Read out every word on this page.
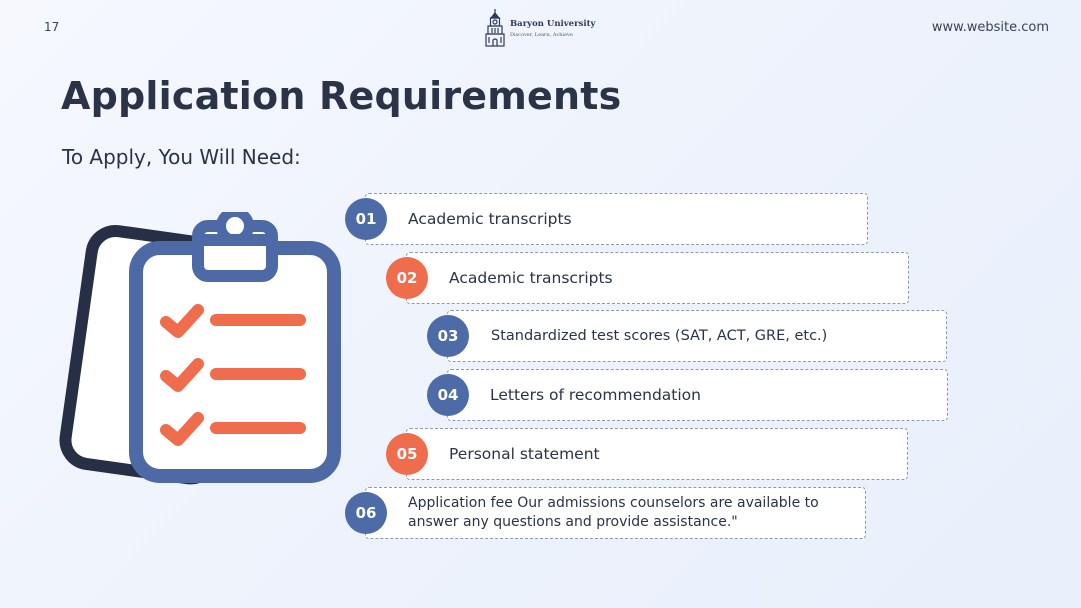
17	Baryon University
Discover, Learn, Achieve	www.website.com
Application Requirements
To Apply, You Will Need:
Academic transcripts
01
Academic transcripts
02
Standardized test scores (SAT, ACT, GRE, etc.)
03
Letters of recommendation
04
Personal statement
05
Application fee Our admissions counselors are available to answer any questions and provide assistance."
06
